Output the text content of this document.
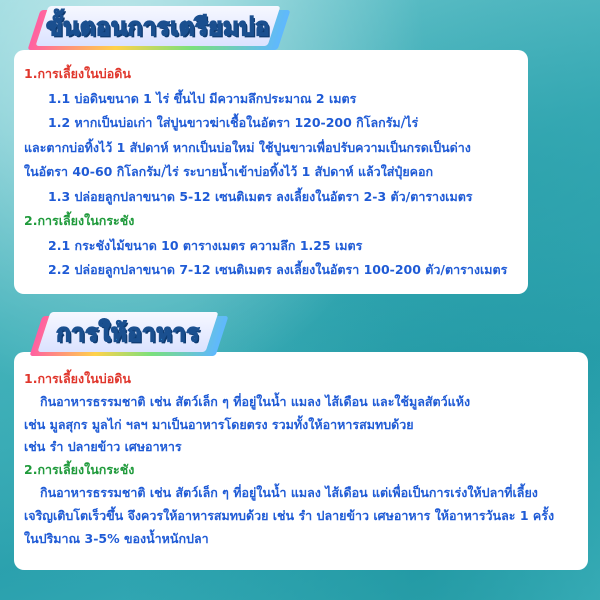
1.การเลี้ยงในบ่อดิน
1.1 บ่อดินขนาด 1 ไร่ ขึ้นไป มีความลึกประมาณ 2 เมตร
1.2 หากเป็นบ่อเก่า ใส่ปูนขาวฆ่าเชื้อในอัตรา 120-200 กิโลกรัม/ไร่
และตากบ่อทิ้งไว้ 1 สัปดาห์ หากเป็นบ่อใหม่ ใช้ปูนขาวเพื่อปรับความเป็นกรดเป็นด่าง
ในอัตรา 40-60 กิโลกรัม/ไร่ ระบายน้ำเข้าบ่อทิ้งไว้ 1 สัปดาห์ แล้วใส่ปุ๋ยคอก
1.3 ปล่อยลูกปลาขนาด 5-12 เซนติเมตร ลงเลี้ยงในอัตรา 2-3 ตัว/ตารางเมตร
2.การเลี้ยงในกระชัง
2.1 กระชังไม้ขนาด 10 ตารางเมตร ความลึก 1.25 เมตร
2.2 ปล่อยลูกปลาขนาด 7-12 เซนติเมตร ลงเลี้ยงในอัตรา 100-200 ตัว/ตารางเมตร
ขั้นตอนการเตรียมบ่อ
1.การเลี้ยงในบ่อดิน
กินอาหารธรรมชาติ เช่น สัตว์เล็ก ๆ ที่อยู่ในน้ำ แมลง ไส้เดือน และใช้มูลสัตว์แห้ง
เช่น มูลสุกร มูลไก่ ฯลฯ มาเป็นอาหารโดยตรง รวมทั้งให้อาหารสมทบด้วย
เช่น รำ ปลายข้าว เศษอาหาร
2.การเลี้ยงในกระชัง
กินอาหารธรรมชาติ เช่น สัตว์เล็ก ๆ ที่อยู่ในน้ำ แมลง ไส้เดือน แต่เพื่อเป็นการเร่งให้ปลาที่เลี้ยง
เจริญเติบโตเร็วขึ้น จึงควรให้อาหารสมทบด้วย เช่น รำ ปลายข้าว เศษอาหาร ให้อาหารวันละ 1 ครั้ง
ในปริมาณ 3-5% ของน้ำหนักปลา
การให้อาหาร
